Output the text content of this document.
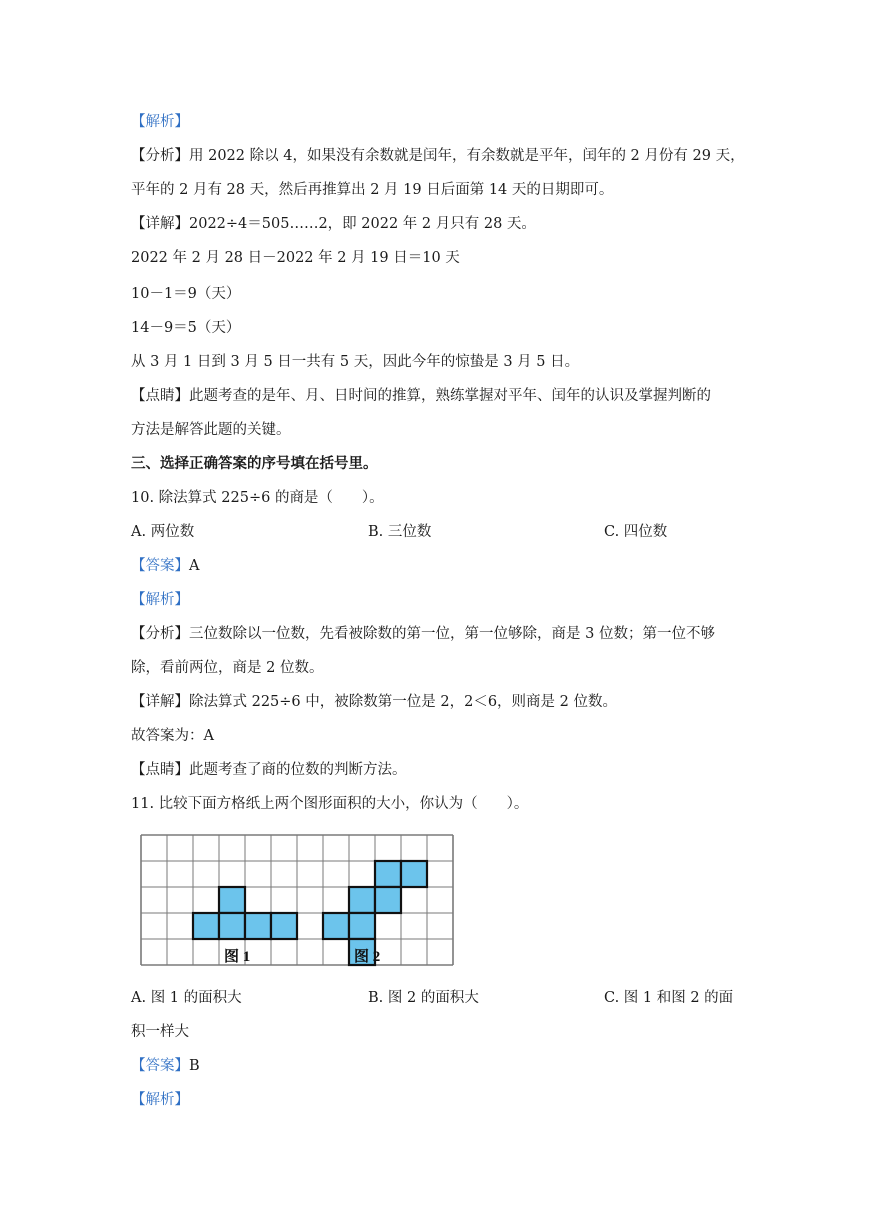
【解析】
【分析】用 2022 除以 4，如果没有余数就是闰年，有余数就是平年，闰年的 2 月份有 29 天，
平年的 2 月有 28 天，然后再推算出 2 月 19 日后面第 14 天的日期即可。
【详解】2022÷4＝505……2，即 2022 年 2 月只有 28 天。
2022 年 2 月 28 日－2022 年 2 月 19 日＝10 天
10－1＝9（天）
14－9＝5（天）
从 3 月 1 日到 3 月 5 日一共有 5 天，因此今年的惊蛰是 3 月 5 日。
【点睛】此题考查的是年、月、日时间的推算，熟练掌握对平年、闰年的认识及掌握判断的
方法是解答此题的关键。
三、选择正确答案的序号填在括号里。
10. 除法算式 225÷6 的商是（　　）。
A. 两位数	B. 三位数	C. 四位数
【答案】A
【解析】
【分析】三位数除以一位数，先看被除数的第一位，第一位够除，商是 3 位数；第一位不够
除，看前两位，商是 2 位数。
【详解】除法算式 225÷6 中，被除数第一位是 2，2＜6，则商是 2 位数。
故答案为：A
【点睛】此题考查了商的位数的判断方法。
11. 比较下面方格纸上两个图形面积的大小，你认为（　　）。
图 1	图 2
A. 图 1 的面积大	B. 图 2 的面积大	C. 图 1 和图 2 的面
积一样大
【答案】B
【解析】
